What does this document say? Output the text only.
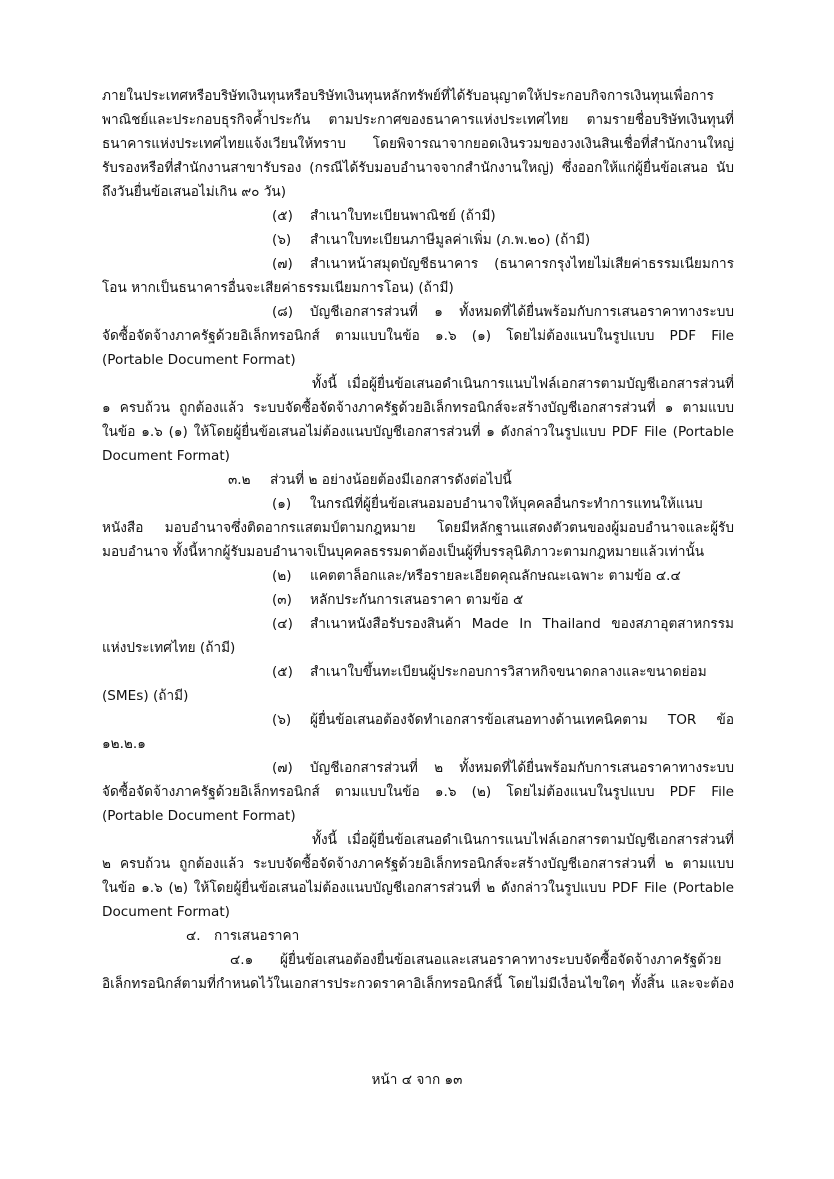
ภายในประเทศหรือบริษัทเงินทุนหรือบริษัทเงินทุนหลักทรัพย์ที่ได้รับอนุญาตให้ประกอบกิจการเงินทุนเพื่อการ
พาณิชย์และประกอบธุรกิจค้ำประกัน ตามประกาศของธนาคารแห่งประเทศไทย ตามรายชื่อบริษัทเงินทุนที่
ธนาคารแห่งประเทศไทยแจ้งเวียนให้ทราบ โดยพิจารณาจากยอดเงินรวมของวงเงินสินเชื่อที่สำนักงานใหญ่
รับรองหรือที่สำนักงานสาขารับรอง (กรณีได้รับมอบอำนาจจากสำนักงานใหญ่) ซึ่งออกให้แก่ผู้ยื่นข้อเสนอ นับ
ถึงวันยื่นข้อเสนอไม่เกิน ๙๐ วัน)
(๕) สำเนาใบทะเบียนพาณิชย์ (ถ้ามี)
(๖) สำเนาใบทะเบียนภาษีมูลค่าเพิ่ม (ภ.พ.๒๐) (ถ้ามี)
(๗) สำเนาหน้าสมุดบัญชีธนาคาร (ธนาคารกรุงไทยไม่เสียค่าธรรมเนียมการ
โอน หากเป็นธนาคารอื่นจะเสียค่าธรรมเนียมการโอน) (ถ้ามี)
(๘) บัญชีเอกสารส่วนที่ ๑ ทั้งหมดที่ได้ยื่นพร้อมกับการเสนอราคาทางระบบ
จัดซื้อจัดจ้างภาครัฐด้วยอิเล็กทรอนิกส์ ตามแบบในข้อ ๑.๖ (๑) โดยไม่ต้องแนบในรูปแบบ PDF File
(Portable Document Format)
ทั้งนี้ เมื่อผู้ยื่นข้อเสนอดำเนินการแนบไฟล์เอกสารตามบัญชีเอกสารส่วนที่
๑ ครบถ้วน ถูกต้องแล้ว ระบบจัดซื้อจัดจ้างภาครัฐด้วยอิเล็กทรอนิกส์จะสร้างบัญชีเอกสารส่วนที่ ๑ ตามแบบ
ในข้อ ๑.๖ (๑) ให้โดยผู้ยื่นข้อเสนอไม่ต้องแนบบัญชีเอกสารส่วนที่ ๑ ดังกล่าวในรูปแบบ PDF File (Portable
Document Format)
๓.๒ ส่วนที่ ๒ อย่างน้อยต้องมีเอกสารดังต่อไปนี้
(๑) ในกรณีที่ผู้ยื่นข้อเสนอมอบอำนาจให้บุคคลอื่นกระทำการแทนให้แนบ
หนังสือ มอบอำนาจซึ่งติดอากรแสตมป์ตามกฎหมาย โดยมีหลักฐานแสดงตัวตนของผู้มอบอำนาจและผู้รับ
มอบอำนาจ ทั้งนี้หากผู้รับมอบอำนาจเป็นบุคคลธรรมดาต้องเป็นผู้ที่บรรลุนิติภาวะตามกฎหมายแล้วเท่านั้น
(๒) แคตตาล็อกและ/หรือรายละเอียดคุณลักษณะเฉพาะ ตามข้อ ๔.๔
(๓) หลักประกันการเสนอราคา ตามข้อ ๕
(๔) สำเนาหนังสือรับรองสินค้า Made In Thailand ของสภาอุตสาหกรรม
แห่งประเทศไทย (ถ้ามี)
(๕) สำเนาใบขึ้นทะเบียนผู้ประกอบการวิสาหกิจขนาดกลางและขนาดย่อม
(SMEs) (ถ้ามี)
(๖) ผู้ยื่นข้อเสนอต้องจัดทำเอกสารข้อเสนอทางด้านเทคนิคตาม TOR ข้อ
๑๒.๒.๑
(๗) บัญชีเอกสารส่วนที่ ๒ ทั้งหมดที่ได้ยื่นพร้อมกับการเสนอราคาทางระบบ
จัดซื้อจัดจ้างภาครัฐด้วยอิเล็กทรอนิกส์ ตามแบบในข้อ ๑.๖ (๒) โดยไม่ต้องแนบในรูปแบบ PDF File
(Portable Document Format)
ทั้งนี้ เมื่อผู้ยื่นข้อเสนอดำเนินการแนบไฟล์เอกสารตามบัญชีเอกสารส่วนที่
๒ ครบถ้วน ถูกต้องแล้ว ระบบจัดซื้อจัดจ้างภาครัฐด้วยอิเล็กทรอนิกส์จะสร้างบัญชีเอกสารส่วนที่ ๒ ตามแบบ
ในข้อ ๑.๖ (๒) ให้โดยผู้ยื่นข้อเสนอไม่ต้องแนบบัญชีเอกสารส่วนที่ ๒ ดังกล่าวในรูปแบบ PDF File (Portable
Document Format)
๔. การเสนอราคา
๔.๑ ผู้ยื่นข้อเสนอต้องยื่นข้อเสนอและเสนอราคาทางระบบจัดซื้อจัดจ้างภาครัฐด้วย
อิเล็กทรอนิกส์ตามที่กำหนดไว้ในเอกสารประกวดราคาอิเล็กทรอนิกส์นี้ โดยไม่มีเงื่อนไขใดๆ ทั้งสิ้น และจะต้อง
หน้า ๔ จาก ๑๓
